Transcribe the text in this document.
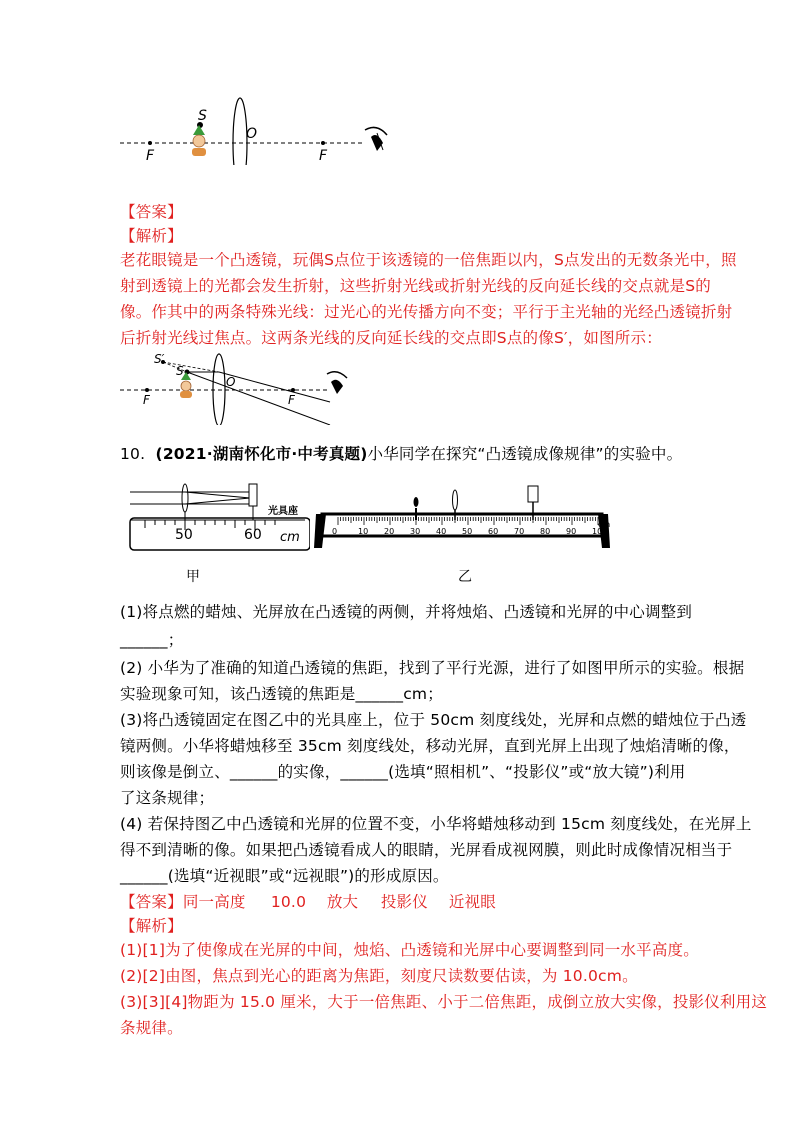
S
O
F	F
【答案】
【解析】
老花眼镜是一个凸透镜，玩偶S点位于该透镜的一倍焦距以内，S点发出的无数条光中，照
射到透镜上的光都会发生折射，这些折射光线或折射光线的反向延长线的交点就是S的
像。作其中的两条特殊光线：过光心的光传播方向不变；平行于主光轴的光经凸透镜折射
后折射光线过焦点。这两条光线的反向延长线的交点即S点的像S′，如图所示：
S′
S
O
F	F
10. (2021·湖南怀化市·中考真题)小华同学在探究“凸透镜成像规律”的实验中。
光具座
50	60 cm
甲
0	10 20 30 40 50 60 70 80 90 100
cm
乙
(1)将点燃的蜡烛、光屏放在凸透镜的两侧，并将烛焰、凸透镜和光屏的中心调整到
______；
(2) 小华为了准确的知道凸透镜的焦距，找到了平行光源，进行了如图甲所示的实验。根据
实验现象可知，该凸透镜的焦距是______cm；
(3)将凸透镜固定在图乙中的光具座上，位于 50cm 刻度线处，光屏和点燃的蜡烛位于凸透
镜两侧。小华将蜡烛移至 35cm 刻度线处，移动光屏，直到光屏上出现了烛焰清晰的像，
则该像是倒立、______的实像，______(选填“照相机”、“投影仪”或“放大镜”)利用
了这条规律；
(4) 若保持图乙中凸透镜和光屏的位置不变，小华将蜡烛移动到 15cm 刻度线处，在光屏上
得不到清晰的像。如果把凸透镜看成人的眼睛，光屏看成视网膜，则此时成像情况相当于
______(选填“近视眼”或“远视眼”)的形成原因。
【答案】同一高度 10.0 放大 投影仪 近视眼
【解析】
(1)[1]为了使像成在光屏的中间，烛焰、凸透镜和光屏中心要调整到同一水平高度。
(2)[2]由图，焦点到光心的距离为焦距，刻度尺读数要估读，为 10.0cm。
(3)[3][4]物距为 15.0 厘米，大于一倍焦距、小于二倍焦距，成倒立放大实像，投影仪利用这
条规律。
